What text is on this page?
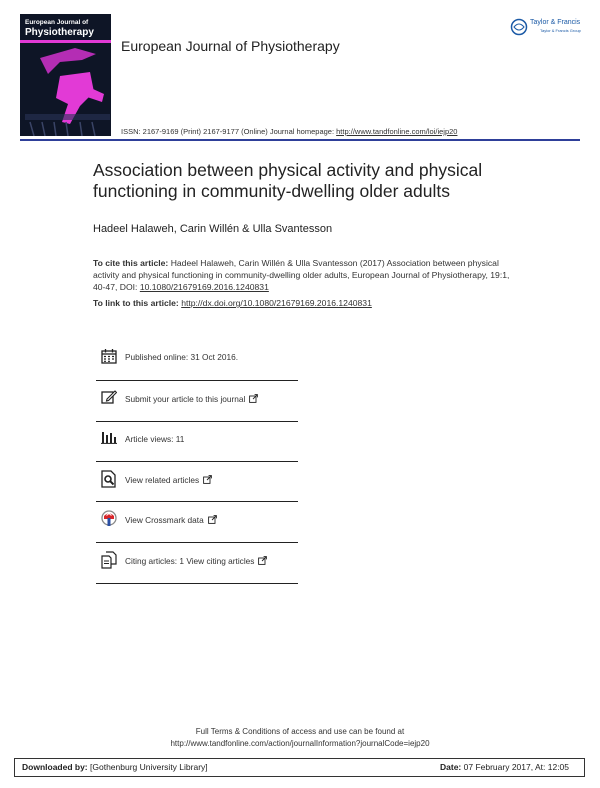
European Journal of
Physiotherapy
European Journal of Physiotherapy
Taylor & Francis
Taylor & Francis Group
ISSN: 2167-9169 (Print) 2167-9177 (Online) Journal homepage: http://www.tandfonline.com/loi/iejp20
Association between physical activity and physical
functioning in community-dwelling older adults
Hadeel Halaweh, Carin Willén & Ulla Svantesson
To cite this article: Hadeel Halaweh, Carin Willén & Ulla Svantesson (2017) Association between physical activity and physical functioning in community-dwelling older adults, European Journal of Physiotherapy, 19:1, 40-47, DOI: 10.1080/21679169.2016.1240831
To link to this article: http://dx.doi.org/10.1080/21679169.2016.1240831
Published online: 31 Oct 2016.
Submit your article to this journal
Article views: 11
View related articles
View Crossmark data
Citing articles: 1 View citing articles
Full Terms & Conditions of access and use can be found at
http://www.tandfonline.com/action/journalInformation?journalCode=iejp20
Downloaded by: [Gothenburg University Library]	Date: 07 February 2017, At: 12:05
